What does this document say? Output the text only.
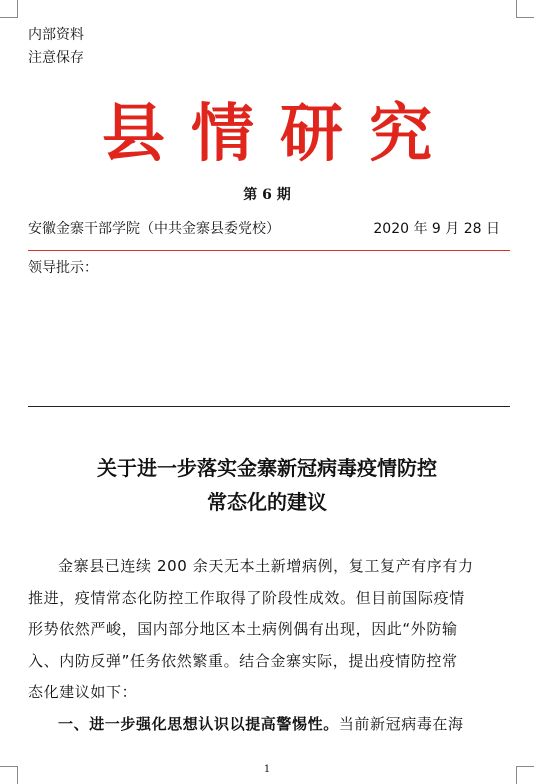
内部资料
注意保存
县情研究
第 6 期
安徽金寨干部学院（中共金寨县委党校）	2020 年 9 月 28 日
领导批示：
关于进一步落实金寨新冠病毒疫情防控
常态化的建议
金寨县已连续 200 余天无本土新增病例，复工复产有序有力
推进，疫情常态化防控工作取得了阶段性成效。但目前国际疫情
形势依然严峻，国内部分地区本土病例偶有出现，因此“外防输
入、内防反弹”任务依然繁重。结合金寨实际，提出疫情防控常
态化建议如下：
一、进一步强化思想认识以提高警惕性。 当前新冠病毒在海
1
